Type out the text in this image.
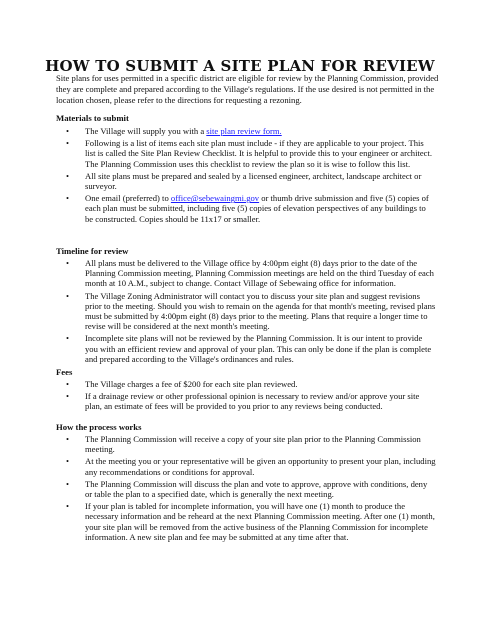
HOW TO SUBMIT A SITE PLAN FOR REVIEW
Site plans for uses permitted in a specific district are eligible for review by the Planning Commission, provided they are complete and prepared according to the Village's regulations. If the use desired is not permitted in the location chosen, please refer to the directions for requesting a rezoning.
Materials to submit
• The Village will supply you with a site plan review form.
• Following is a list of items each site plan must include - if they are applicable to your project. This list is called the Site Plan Review Checklist. It is helpful to provide this to your engineer or architect. The Planning Commission uses this checklist to review the plan so it is wise to follow this list.
• All site plans must be prepared and sealed by a licensed engineer, architect, landscape architect or surveyor.
• One email (preferred) to office@sebewaingmi.gov or thumb drive submission and five (5) copies of each plan must be submitted, including five (5) copies of elevation perspectives of any buildings to be constructed. Copies should be 11x17 or smaller.
Timeline for review
• All plans must be delivered to the Village office by 4:00pm eight (8) days prior to the date of the Planning Commission meeting, Planning Commission meetings are held on the third Tuesday of each month at 10 A.M., subject to change. Contact Village of Sebewaing office for information.
• The Village Zoning Administrator will contact you to discuss your site plan and suggest revisions prior to the meeting. Should you wish to remain on the agenda for that month's meeting, revised plans must be submitted by 4:00pm eight (8) days prior to the meeting. Plans that require a longer time to revise will be considered at the next month's meeting.
• Incomplete site plans will not be reviewed by the Planning Commission. It is our intent to provide you with an efficient review and approval of your plan. This can only be done if the plan is complete and prepared according to the Village's ordinances and rules.
Fees
• The Village charges a fee of $200 for each site plan reviewed.
• If a drainage review or other professional opinion is necessary to review and/or approve your site plan, an estimate of fees will be provided to you prior to any reviews being conducted.
How the process works
• The Planning Commission will receive a copy of your site plan prior to the Planning Commission meeting.
• At the meeting you or your representative will be given an opportunity to present your plan, including any recommendations or conditions for approval.
• The Planning Commission will discuss the plan and vote to approve, approve with conditions, deny or table the plan to a specified date, which is generally the next meeting.
• If your plan is tabled for incomplete information, you will have one (1) month to produce the necessary information and be reheard at the next Planning Commission meeting. After one (1) month, your site plan will be removed from the active business of the Planning Commission for incomplete information. A new site plan and fee may be submitted at any time after that.
